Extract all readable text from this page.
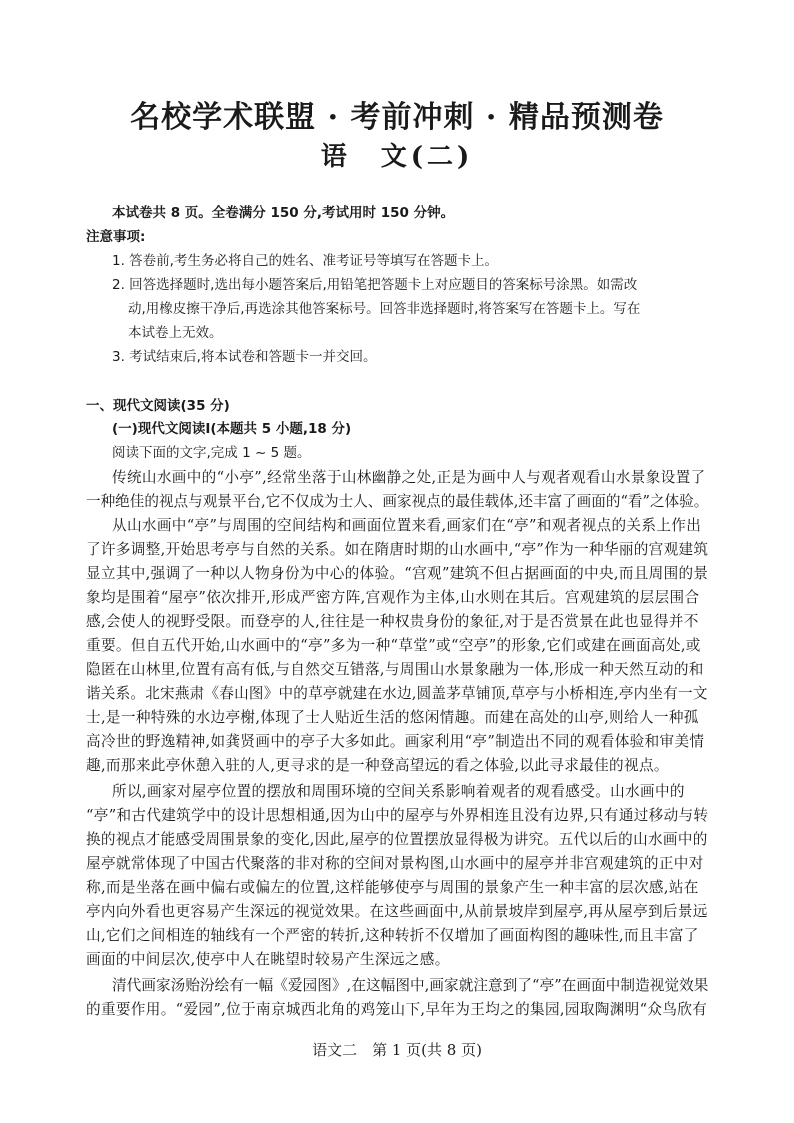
名校学术联盟 · 考前冲刺 · 精品预测卷
语　文(二)
本试卷共 8 页。全卷满分 150 分,考试用时 150 分钟。
注意事项:
1. 答卷前,考生务必将自己的姓名、准考证号等填写在答题卡上。
2. 回答选择题时,选出每小题答案后,用铅笔把答题卡上对应题目的答案标号涂黑。如需改
动,用橡皮擦干净后,再选涂其他答案标号。回答非选择题时,将答案写在答题卡上。写在
本试卷上无效。
3. 考试结束后,将本试卷和答题卡一并交回。
一、现代文阅读(35 分)
(一)现代文阅读Ⅰ(本题共 5 小题,18 分)
阅读下面的文字,完成 1 ~ 5 题。
传统山水画中的“小亭”,经常坐落于山林幽静之处,正是为画中人与观者观看山水景象设置了
一种绝佳的视点与观景平台,它不仅成为士人、画家视点的最佳载体,还丰富了画面的“看”之体验。
从山水画中“亭”与周围的空间结构和画面位置来看,画家们在“亭”和观者视点的关系上作出
了许多调整,开始思考亭与自然的关系。如在隋唐时期的山水画中,“亭”作为一种华丽的宫观建筑
显立其中,强调了一种以人物身份为中心的体验。“宫观”建筑不但占据画面的中央,而且周围的景
象均是围着“屋亭”依次排开,形成严密方阵,宫观作为主体,山水则在其后。宫观建筑的层层围合
感,会使人的视野受限。而登亭的人,往往是一种权贵身份的象征,对于是否赏景在此也显得并不
重要。但自五代开始,山水画中的“亭”多为一种“草堂”或“空亭”的形象,它们或建在画面高处,或
隐匿在山林里,位置有高有低,与自然交互错落,与周围山水景象融为一体,形成一种天然互动的和
谐关系。北宋燕肃《春山图》中的草亭就建在水边,圆盖茅草铺顶,草亭与小桥相连,亭内坐有一文
士,是一种特殊的水边亭榭,体现了士人贴近生活的悠闲情趣。而建在高处的山亭,则给人一种孤
高冷世的野逸精神,如龚贤画中的亭子大多如此。画家利用“亭”制造出不同的观看体验和审美情
趣,而那来此亭休憩入驻的人,更寻求的是一种登高望远的看之体验,以此寻求最佳的视点。
所以,画家对屋亭位置的摆放和周围环境的空间关系影响着观者的观看感受。山水画中的
“亭”和古代建筑学中的设计思想相通,因为山中的屋亭与外界相连且没有边界,只有通过移动与转
换的视点才能感受周围景象的变化,因此,屋亭的位置摆放显得极为讲究。五代以后的山水画中的
屋亭就常体现了中国古代聚落的非对称的空间对景构图,山水画中的屋亭并非宫观建筑的正中对
称,而是坐落在画中偏右或偏左的位置,这样能够使亭与周围的景象产生一种丰富的层次感,站在
亭内向外看也更容易产生深远的视觉效果。在这些画面中,从前景坡岸到屋亭,再从屋亭到后景远
山,它们之间相连的轴线有一个严密的转折,这种转折不仅增加了画面构图的趣味性,而且丰富了
画面的中间层次,使亭中人在眺望时较易产生深远之感。
清代画家汤贻汾绘有一幅《爱园图》,在这幅图中,画家就注意到了“亭”在画面中制造视觉效果
的重要作用。“爱园”,位于南京城西北角的鸡笼山下,早年为王均之的集园,园取陶渊明“众鸟欣有
语文二　第 1 页(共 8 页)
